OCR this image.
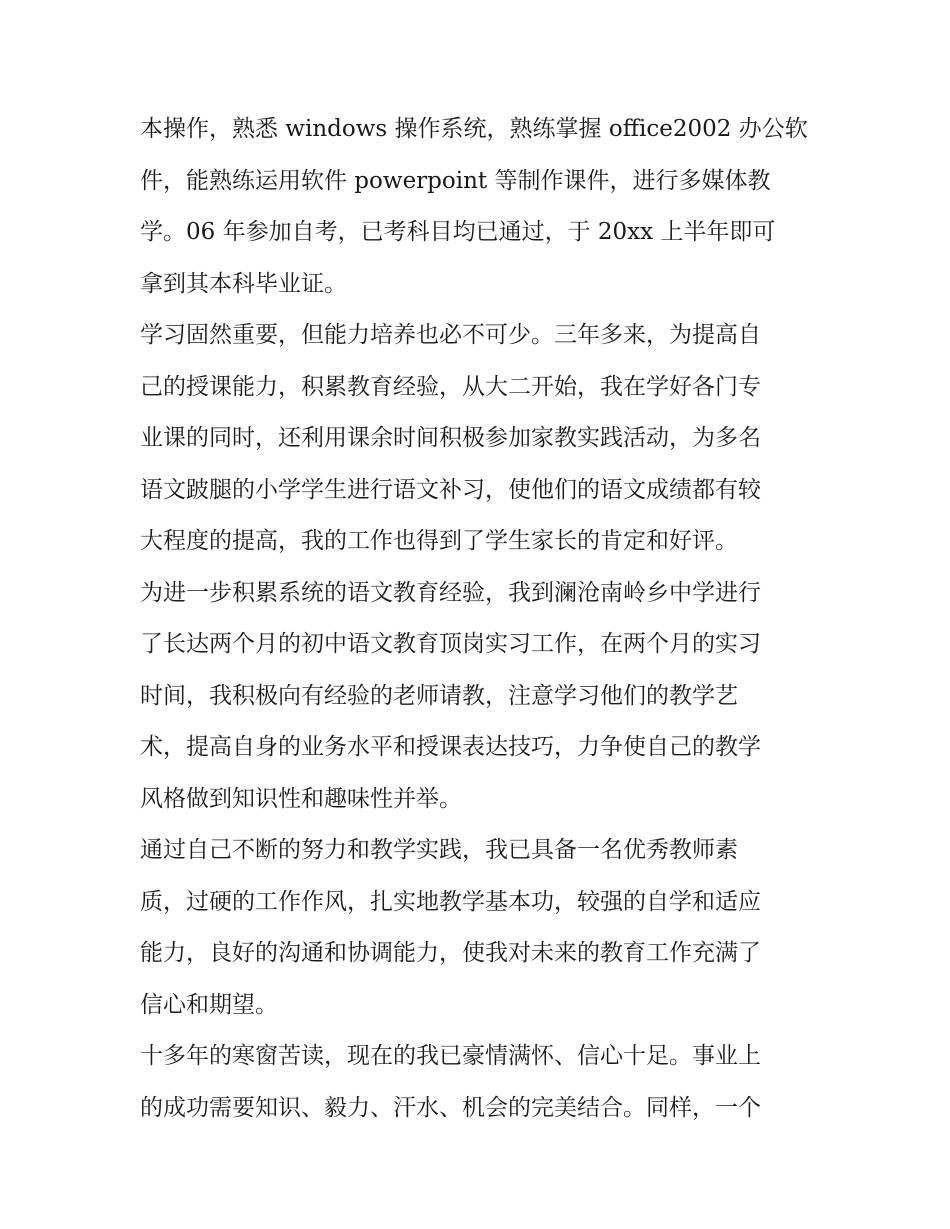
本操作，熟悉 windows 操作系统，熟练掌握 office2002 办公软
件，能熟练运用软件 powerpoint 等制作课件，进行多媒体教
学。06 年参加自考，已考科目均已通过，于 20xx 上半年即可
拿到其本科毕业证。
学习固然重要，但能力培养也必不可少。三年多来，为提高自
己的授课能力，积累教育经验，从大二开始，我在学好各门专
业课的同时，还利用课余时间积极参加家教实践活动，为多名
语文跛腿的小学学生进行语文补习，使他们的语文成绩都有较
大程度的提高，我的工作也得到了学生家长的肯定和好评。
为进一步积累系统的语文教育经验，我到澜沧南岭乡中学进行
了长达两个月的初中语文教育顶岗实习工作，在两个月的实习
时间，我积极向有经验的老师请教，注意学习他们的教学艺
术，提高自身的业务水平和授课表达技巧，力争使自己的教学
风格做到知识性和趣味性并举。
通过自己不断的努力和教学实践，我已具备一名优秀教师素
质，过硬的工作作风，扎实地教学基本功，较强的自学和适应
能力，良好的沟通和协调能力，使我对未来的教育工作充满了
信心和期望。
十多年的寒窗苦读，现在的我已豪情满怀、信心十足。事业上
的成功需要知识、毅力、汗水、机会的完美结合。同样，一个
